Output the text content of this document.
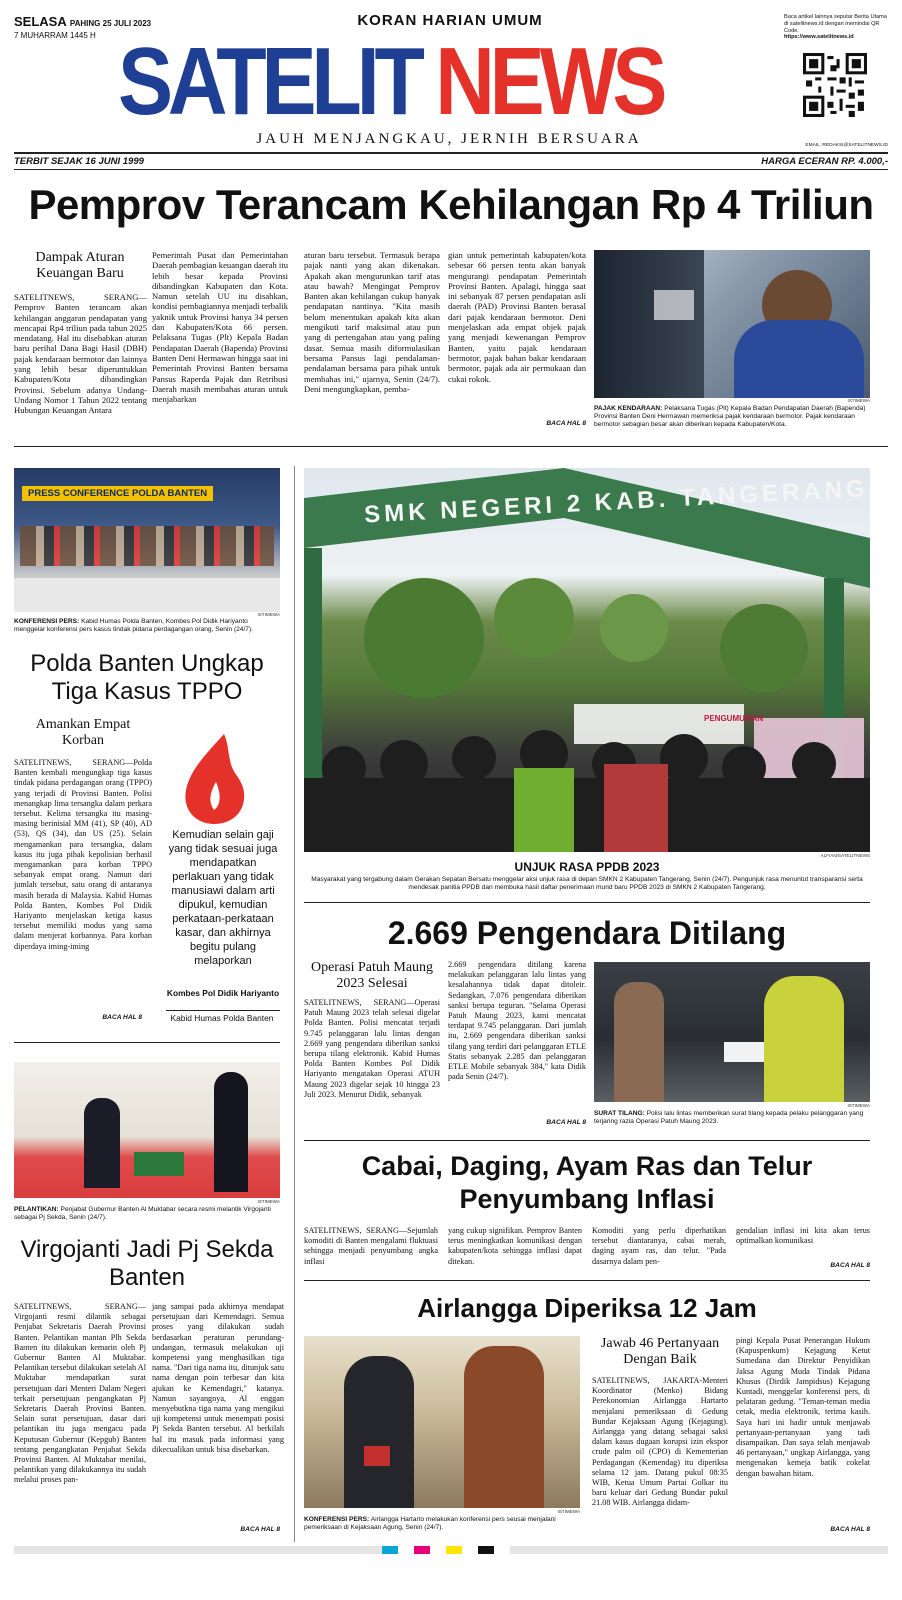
SELASA PAHING 25 JULI 2023
7 MUHARRAM 1445 H
KORAN HARIAN UMUM
SATELIT NEWS
JAUH MENJANGKAU, JERNIH BERSUARA
Baca artikel lainnya seputar Berita Utama di satelitnews.id dengan memindai QR Code.
https://www.satelitnews.id
EMAIL: REDAKSI@SATELITNEWS.ID
TERBIT SEJAK 16 JUNI 1999	HARGA ECERAN RP. 4.000,-
Pemprov Terancam Kehilangan Rp 4 Triliun
Dampak Aturan Keuangan Baru

SATELITNEWS, SERANG—Pemprov Banten terancam akan kehilangan anggaran pendapatan yang mencapai Rp4 triliun pada tahun 2025 mendatang. Hal itu disebabkan aturan baru perihal Dana Bagi Hasil (DBH) pajak kendaraan bermotor dan lainnya yang lebih besar diperuntukkan Kabupaten/Kota dibandingkan Provinsi. Sebelum adanya Undang-Undang Nomor 1 Tahun 2022 tentang Hubungan Keuangan Antara

Pemerintah Pusat dan Pemerintahan Daerah pembagian keuangan daerah itu lebih besar kepada Provinsi dibandingkan Kabupaten dan Kota. Namun setelah UU itu disahkan, kondisi pembagiannya menjadi terbalik yaknik untuk Provinsi hanya 34 persen dan Kabupaten/Kota 66 persen. Pelaksana Tugas (Plt) Kepala Badan Pendapatan Daerah (Bapenda) Provinsi Banten Deni Hermawan hingga saat ini Pemerintah Provinsi Banten bersama Pansus Raperda Pajak dan Retribusi Daerah masih membahas aturan untuk menjabarkan

aturan baru tersebut. Termasuk berapa pajak nanti yang akan dikenakan. Apakah akan mengurunkan tarif atas atau bawah? Mengingat Pemprov Banten akan kehilangan cukup banyak pendapatan nantinya. "Kita masih belum menentukan apakah kita akan mengikuti tarif maksimal atau pun yang di pertengahan atau yang paling dasar. Semua masih diformulasikan bersama Pansus lagi pendalaman-pendalaman bersama para pihak untuk membahas ini," ujarnya, Senin (24/7). Deni mengungkapkan, pemba-

gian untuk pemerintah kabupaten/kota sebesar 66 persen tentu akan banyak mengurangi pendapatan Pemerintah Provinsi Banten. Apalagi, hingga saat ini sebanyak 87 persen pendapatan asli daerah (PAD) Provinsi Banten berasal dari pajak kendaraan bermotor. Deni menjelaskan ada empat objek pajak yang menjadi kewenangan Pemprov Banten, yaitu pajak kendaraan bermotor, pajak bahan bakar kendaraan bermotor, pajak ada air permukaan dan cukai rokok.

BACA HAL 8
ISTIMEWA
PAJAK KENDARAAN: Pelaksana Tugas (Plt) Kepala Badan Pendapatan Daerah (Bapenda) Provinsi Banten Deni Hermawan memeriksa pajak kendaraan bermotor. Pajak kendaraan bermotor sebagian besar akan diberikan kepada Kabupaten/Kota.
PRESS CONFERENCE POLDA BANTEN
ISTIMEWA
KONFERENSI PERS: Kabid Humas Polda Banten, Kombes Pol Didik Hariyanto menggelar konferensi pers kasus tindak pidana perdagangan orang, Senin (24/7).
Polda Banten Ungkap Tiga Kasus TPPO
Amankan Empat Korban

SATELITNEWS, SERANG—Polda Banten kembali mengungkap tiga kasus tindak pidana perdagangan orang (TPPO) yang terjadi di Provinsi Banten. Polisi menangkap lima tersangka dalam perkara tersebut. Kelima tersangka itu masing-masing berinisial MM (41), SP (40), AD (53), QS (34), dan US (25). Selain mengamankan para tersangka, dalam kasus itu juga pihak kepolisian berhasil mengamankan para korban TPPO sebanyak empat orang. Namun dari jumlah tersebut, satu orang di antaranya masih berada di Malaysia. Kabid Humas Polda Banten, Kombes Pol Didik Hariyanto menjelaskan ketiga kasus tersebut memiliki modus yang sama dalam menjerat korbannya. Para korban diperdaya iming-iming

Kemudian selain gaji yang tidak sesuai juga mendapatkan perlakuan yang tidak manusiawi dalam arti dipukul, kemudian perkataan-perkataan kasar, dan akhirnya begitu pulang melaporkan
Kombes Pol Didik Hariyanto
Kabid Humas Polda Banten
BACA HAL 8
ISTIMEWA
PELANTIKAN: Penjabat Gubernur Banten Al Muktabar secara resmi melantik Virgojanti sebagai Pj Sekda, Senin (24/7).
Virgojanti Jadi Pj Sekda Banten

SATELITNEWS, SERANG—Virgojanti resmi dilantik sebagai Penjabat Sekretaris Daerah Provinsi Banten. Pelantikan mantan Plh Sekda Banten itu dilakukan kemarin oleh Pj Gubernur Banten Al Muktabar. Pelantikan tersebut dilakukan setelah Al Muktabar mendapatkan surat persetujuan dari Menteri Dalam Negeri terkait persetujuan pengangkatan Pj Sekretaris Daerah Provinsi Banten. Selain surat persetujuan, dasar dari pelantikan itu juga mengacu pada Keputusan Gubernur (Kepgub) Banten tentang pengangkatan Penjabat Sekda Provinsi Banten. Al Muktabar menilai, pelantikan yang dilakukannya itu sudah melalui proses pan-

jang sampai pada akhirnya mendapat persetujuan dari Kemendagri. Semua proses yang dilakukan sudah berdasarkan peraturan perundang-undangan, termasuk melakukan uji kompetensi yang menghasilkan tiga nama. "Dari tiga nama itu, ditunjuk satu nama dengan poin terbesar dan kita ajukan ke Kemendagri," katanya. Namun sayangnya, Al enggan menyebutkna tiga nama yang mengikui uji kompetensi untuk menempati posisi Pj Sekda Banten tersebut. Al berkilah hal itu masuk pada informasi yang dikecualikan untuk bisa disebarkan.

BACA HAL 8
SMK NEGERI 2 KAB. TANGERANG
PENGUMUMAN
ALFIAN/SATELITNEWS
UNJUK RASA PPDB 2023
Masyarakat yang tergabung dalam Gerakan Sepatan Bersatu menggelar aksi unjuk rasa di depan SMKN 2 Kabupaten Tangerang, Senin (24/7). Pengunjuk rasa menuntut transparansi serta mendesak panitia PPDB dan membuka hasil daftar penerimaan murid baru PPDB 2023 di SMKN 2 Kabupaten Tangerang.
2.669 Pengendara Ditilang
Operasi Patuh Maung 2023 Selesai

SATELITNEWS, SERANG—Operasi Patuh Maung 2023 telah selesai digelar Polda Banten. Polisi mencatat terjadi 9.745 pelanggaran lalu lintas dengan 2.669 yang pengendara diberikan sanksi berupa tilang elektronik. Kabid Humas Polda Banten Kombes Pol Didik Hariyanto mengatakan Operasi ATUH Maung 2023 digelar sejak 10 hingga 23 Juli 2023. Menurut Didik, sebanyak

2.669 pengendara ditilang karena melakukan pelanggaran lalu lintas yang kesalahannya tidak dapat ditoleir. Sedangkan, 7.076 pengendara diberikan sanksi berupa teguran. "Selama Operasi Patuh Maung 2023, kami mencatat terdapat 9.745 pelanggaran. Dari jumlah itu, 2.669 pengendara diberikan sanksi tilang yang terdiri dari pelanggaran ETLE Statis sebanyak 2.285 dan pelanggaran ETLE Mobile sebanyak 384," kata Didik pada Senin (24/7).

BACA HAL 8
ISTIMEWA
SURAT TILANG: Polisi lalu lintas memberikan surat tilang kepada pelaku pelanggaran yang terjaring razia Operasi Patuh Maung 2023.
Cabai, Daging, Ayam Ras dan Telur Penyumbang Inflasi

SATELITNEWS, SERANG—Sejumlah komoditi di Banten mengalami fluktuasi sehingga menjadi penyumbang angka inflasi

yang cukup signifikan. Pemprov Banten terus meningkatkan komunikasi dengan kabupaten/kota sehingga imflasi dapat ditekan.

Komoditi yang perlu diperhatikan tersebut diantaranya, cabai merah, daging ayam ras, dan telur. "Pada dasarnya dalam pen-

gendalian inflasi ini kita akan terus optimalkan komunikasi

BACA HAL 8
Airlangga Diperiksa 12 Jam
ISTIMEWA
KONFERENSI PERS: Airlangga Hartarto melakukan konferensi pers seusai menjalani pemeriksaan di Kejaksaan Agung, Senin (24/7).
Jawab 46 Pertanyaan Dengan Baik

SATELITNEWS, JAKARTA-Menteri Koordinator (Menko) Bidang Perekonomian Airlangga Hartarto menjalani pemeriksaan di Gedung Bundar Kejaksaan Agung (Kejagung). Airlangga yang datang sebagai saksi dalam kasus dugaan korupsi izin ekspor crude palm oil (CPO) di Kementerian Perdagangan (Kemendag) itu diperiksa selama 12 jam. Datang pukul 08:35 WIB, Ketua Umum Partai Golkar itu baru keluar dari Gedung Bundar pukul 21.08 WIB. Airlangga didam-

pingi Kepala Pusat Penerangan Hukum (Kapuspenkum) Kejagung Ketut Sumedana dan Direktur Penyidikan Jaksa Agung Muda Tindak Pidana Khusus (Dirdik Jampidsus) Kejagung Kuntadi, menggelar konferensi pers, di pelataran gedung. "Teman-teman media cetak, media elektronik, terima kasih. Saya hari ini hadir untuk menjawab pertanyaan-pertanyaan yang tadi disampaikan. Dan saya telah menjawab 46 pertanyaan," ungkap Airlangga, yang mengenakan kemeja batik cokelat dengan bawahan hitam.

BACA HAL 8
